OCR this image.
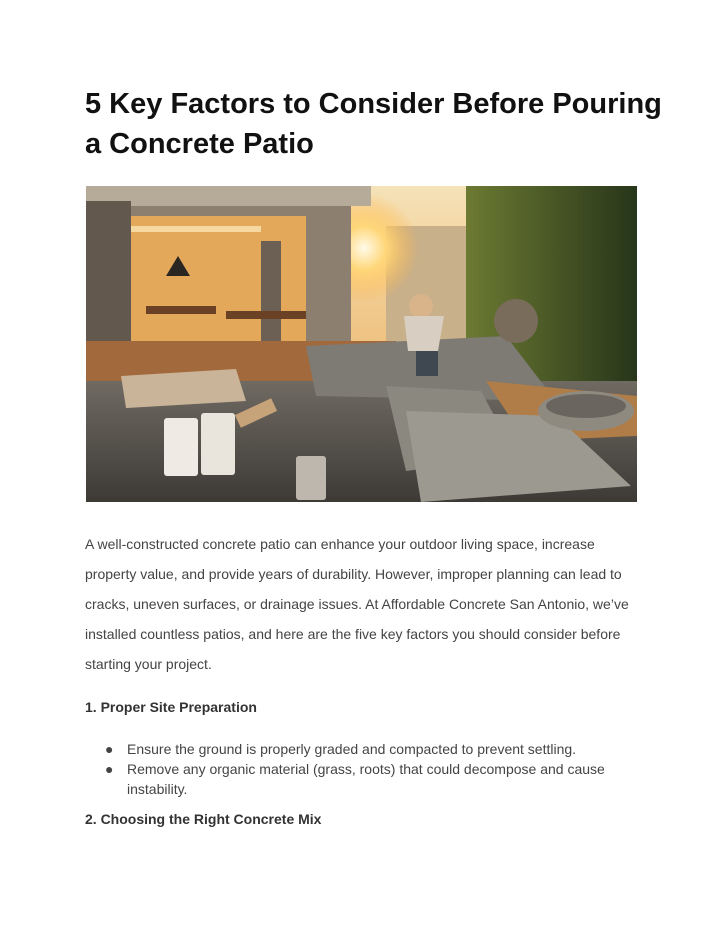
5 Key Factors to Consider Before Pouring a Concrete Patio

A well-constructed concrete patio can enhance your outdoor living space, increase property value, and provide years of durability. However, improper planning can lead to cracks, uneven surfaces, or drainage issues. At Affordable Concrete San Antonio, we’ve installed countless patios, and here are the five key factors you should consider before starting your project.

1. Proper Site Preparation
● Ensure the ground is properly graded and compacted to prevent settling.
● Remove any organic material (grass, roots) that could decompose and cause instability.
2. Choosing the Right Concrete Mix
